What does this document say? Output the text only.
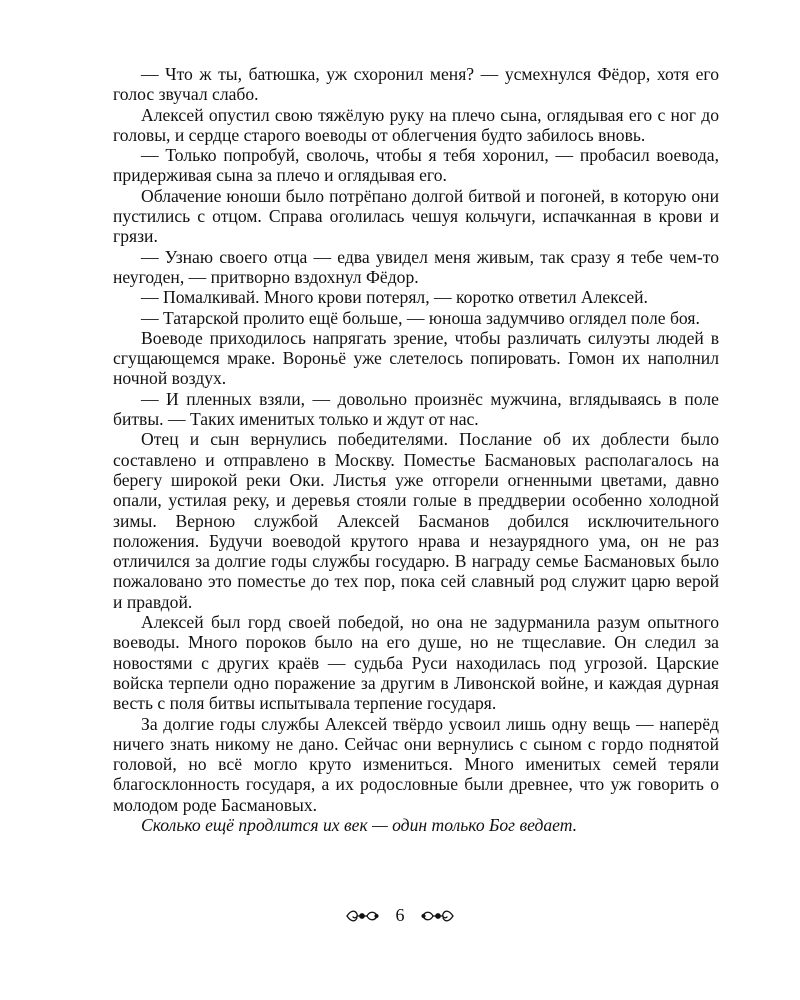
— Что ж ты, батюшка, уж схоронил меня? — усмехнулся Фёдор, хотя его голос звучал слабо.

Алексей опустил свою тяжёлую руку на плечо сына, оглядывая его с ног до головы, и сердце старого воеводы от облегчения будто забилось вновь.

— Только попробуй, сволочь, чтобы я тебя хоронил, — пробасил воевода, придерживая сына за плечо и оглядывая его.

Облачение юноши было потрёпано долгой битвой и погоней, в которую они пустились с отцом. Справа оголилась чешуя кольчуги, испачканная в крови и грязи.

— Узнаю своего отца — едва увидел меня живым, так сразу я тебе чем-то неугоден, — притворно вздохнул Фёдор.

— Помалкивай. Много крови потерял, — коротко ответил Алексей.

— Татарской пролито ещё больше, — юноша задумчиво оглядел поле боя.

Воеводе приходилось напрягать зрение, чтобы различать силуэты людей в сгущающемся мраке. Вороньё уже слетелось попировать. Гомон их наполнил ночной воздух.

— И пленных взяли, — довольно произнёс мужчина, вглядываясь в поле битвы. — Таких именитых только и ждут от нас.

Отец и сын вернулись победителями. Послание об их доблести было составлено и отправлено в Москву. Поместье Басмановых располагалось на берегу широкой реки Оки. Листья уже отгорели огненными цветами, давно опали, устилая реку, и деревья стояли голые в преддверии особенно холодной зимы. Верною службой Алексей Басманов добился исключительного положения. Будучи воеводой крутого нрава и незаурядного ума, он не раз отличился за долгие годы службы государю. В награду семье Басмановых было пожаловано это поместье до тех пор, пока сей славный род служит царю верой и правдой.

Алексей был горд своей победой, но она не задурманила разум опытного воеводы. Много пороков было на его душе, но не тщеславие. Он следил за новостями с других краёв — судьба Руси находилась под угрозой. Царские войска терпели одно поражение за другим в Ливонской войне, и каждая дурная весть с поля битвы испытывала терпение государя.

За долгие годы службы Алексей твёрдо усвоил лишь одну вещь — наперёд ничего знать никому не дано. Сейчас они вернулись с сыном с гордо поднятой головой, но всё могло круто измениться. Много именитых семей теряли благосклонность государя, а их родословные были древнее, что уж говорить о молодом роде Басмановых.

Сколько ещё продлится их век — один только Бог ведает.

6
